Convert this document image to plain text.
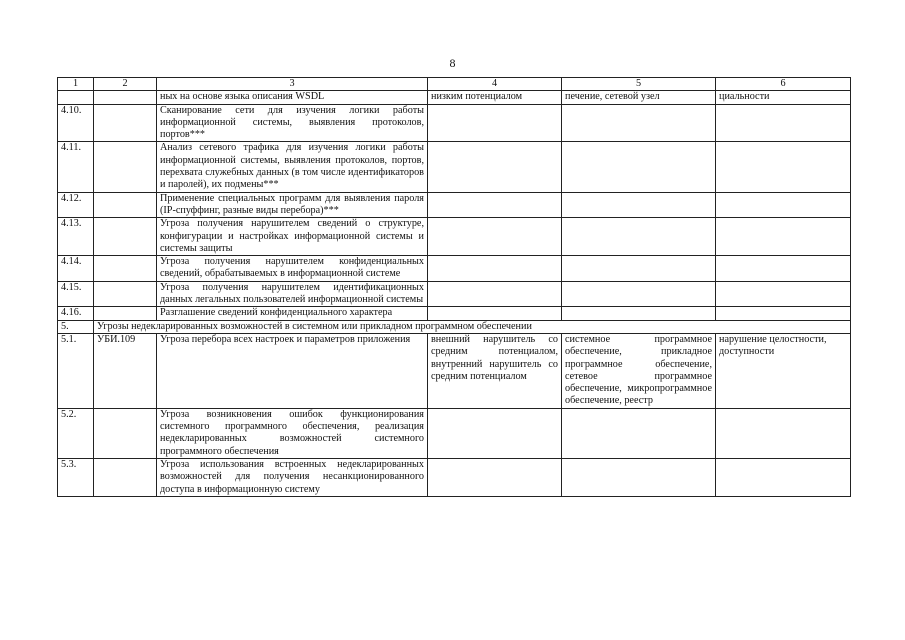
8
1	2	3	4	5	6
		ных на основе языка описания WSDL	низким потенциалом	печение, сетевой узел	циальности
4.10.		Сканирование сети для изучения логики работы информационной системы, выявления протоколов, портов***			
4.11.		Анализ сетевого трафика для изучения логики работы информационной системы, выявления протоколов, портов, перехвата служебных данных (в том числе идентификаторов и паролей), их подмены***			
4.12.		Применение специальных программ для выявления пароля (IP-спуффинг, разные виды перебора)***			
4.13.		Угроза получения нарушителем сведений о структуре, конфигурации и настройках информационной системы и системы защиты			
4.14.		Угроза получения нарушителем конфиденциальных сведений, обрабатываемых в информационной системе			
4.15.		Угроза получения нарушителем идентификационных данных легальных пользователей информационной системы			
4.16.		Разглашение сведений конфиденциального характера			
5.	Угрозы недекларированных возможностей в системном или прикладном программном обеспечении				
5.1.	УБИ.109	Угроза перебора всех настроек и параметров приложения	внешний нарушитель со средним потенциалом, внутренний нарушитель со средним потенциалом	системное программное обеспечение, прикладное программное обеспечение, сетевое программное обеспечение, микропрограммное обеспечение, реестр	нарушение целостности, доступности
5.2.		Угроза возникновения ошибок функционирования системного программного обеспечения, реализация недекларированных возможностей системного программного обеспечения			
5.3.		Угроза использования встроенных недекларированных возможностей для получения несанкционированного доступа в информационную систему			
